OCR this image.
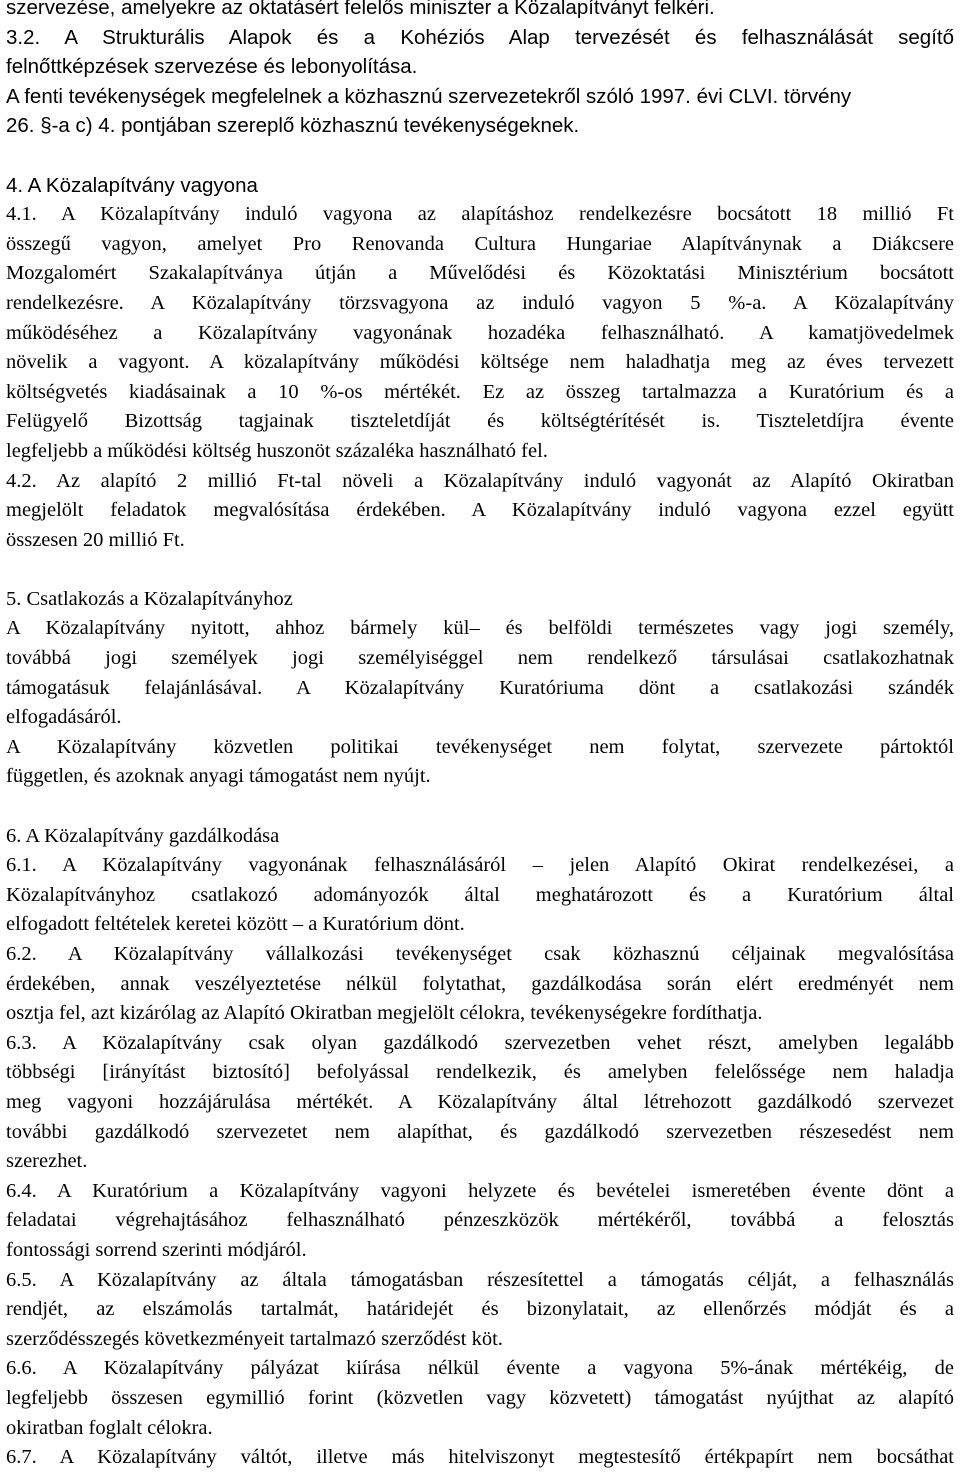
szervezése, amelyekre az oktatásért felelős miniszter a Közalapítványt felkéri.
3.2. A Strukturális Alapok és a Kohéziós Alap tervezését és felhasználását segítő
felnőttképzések szervezése és lebonyolítása.
A fenti tevékenységek megfelelnek a közhasznú szervezetekről szóló 1997. évi CLVI. törvény
26. §-a c) 4. pontjában szereplő közhasznú tevékenységeknek.
4. A Közalapítvány vagyona
4.1. A Közalapítvány induló vagyona az alapításhoz rendelkezésre bocsátott 18 millió Ft
összegű vagyon, amelyet Pro Renovanda Cultura Hungariae Alapítványnak a Diákcsere
Mozgalomért Szakalapítványa útján a Művelődési és Közoktatási Minisztérium bocsátott
rendelkezésre. A Közalapítvány törzsvagyona az induló vagyon 5 %-a. A Közalapítvány
működéséhez a Közalapítvány vagyonának hozadéka felhasználható. A kamatjövedelmek
növelik a vagyont. A közalapítvány működési költsége nem haladhatja meg az éves tervezett
költségvetés kiadásainak a 10 %-os mértékét. Ez az összeg tartalmazza a Kuratórium és a
Felügyelő Bizottság tagjainak tiszteletdíját és költségtérítését is. Tiszteletdíjra évente
legfeljebb a működési költség huszonöt százaléka használható fel.
4.2. Az alapító 2 millió Ft-tal növeli a Közalapítvány induló vagyonát az Alapító Okiratban
megjelölt feladatok megvalósítása érdekében. A Közalapítvány induló vagyona ezzel együtt
összesen 20 millió Ft.
5. Csatlakozás a Közalapítványhoz
A Közalapítvány nyitott, ahhoz bármely kül– és belföldi természetes vagy jogi személy,
továbbá jogi személyek jogi személyiséggel nem rendelkező társulásai csatlakozhatnak
támogatásuk felajánlásával. A Közalapítvány Kuratóriuma dönt a csatlakozási szándék
elfogadásáról.
A Közalapítvány közvetlen politikai tevékenységet nem folytat, szervezete pártoktól
független, és azoknak anyagi támogatást nem nyújt.
6. A Közalapítvány gazdálkodása
6.1. A Közalapítvány vagyonának felhasználásáról – jelen Alapító Okirat rendelkezései, a
Közalapítványhoz csatlakozó adományozók által meghatározott és a Kuratórium által
elfogadott feltételek keretei között – a Kuratórium dönt.
6.2. A Közalapítvány vállalkozási tevékenységet csak közhasznú céljainak megvalósítása
érdekében, annak veszélyeztetése nélkül folytathat, gazdálkodása során elért eredményét nem
osztja fel, azt kizárólag az Alapító Okiratban megjelölt célokra, tevékenységekre fordíthatja.
6.3. A Közalapítvány csak olyan gazdálkodó szervezetben vehet részt, amelyben legalább
többségi [irányítást biztosító] befolyással rendelkezik, és amelyben felelőssége nem haladja
meg vagyoni hozzájárulása mértékét. A Közalapítvány által létrehozott gazdálkodó szervezet
további gazdálkodó szervezetet nem alapíthat, és gazdálkodó szervezetben részesedést nem
szerezhet.
6.4. A Kuratórium a Közalapítvány vagyoni helyzete és bevételei ismeretében évente dönt a
feladatai végrehajtásához felhasználható pénzeszközök mértékéről, továbbá a felosztás
fontossági sorrend szerinti módjáról.
6.5. A Közalapítvány az általa támogatásban részesítettel a támogatás célját, a felhasználás
rendjét, az elszámolás tartalmát, határidejét és bizonylatait, az ellenőrzés módját és a
szerződésszegés következményeit tartalmazó szerződést köt.
6.6. A Közalapítvány pályázat kiírása nélkül évente a vagyona 5%-ának mértékéig, de
legfeljebb összesen egymillió forint (közvetlen vagy közvetett) támogatást nyújthat az alapító
okiratban foglalt célokra.
6.7. A Közalapítvány váltót, illetve más hitelviszonyt megtestesítő értékpapírt nem bocsáthat
